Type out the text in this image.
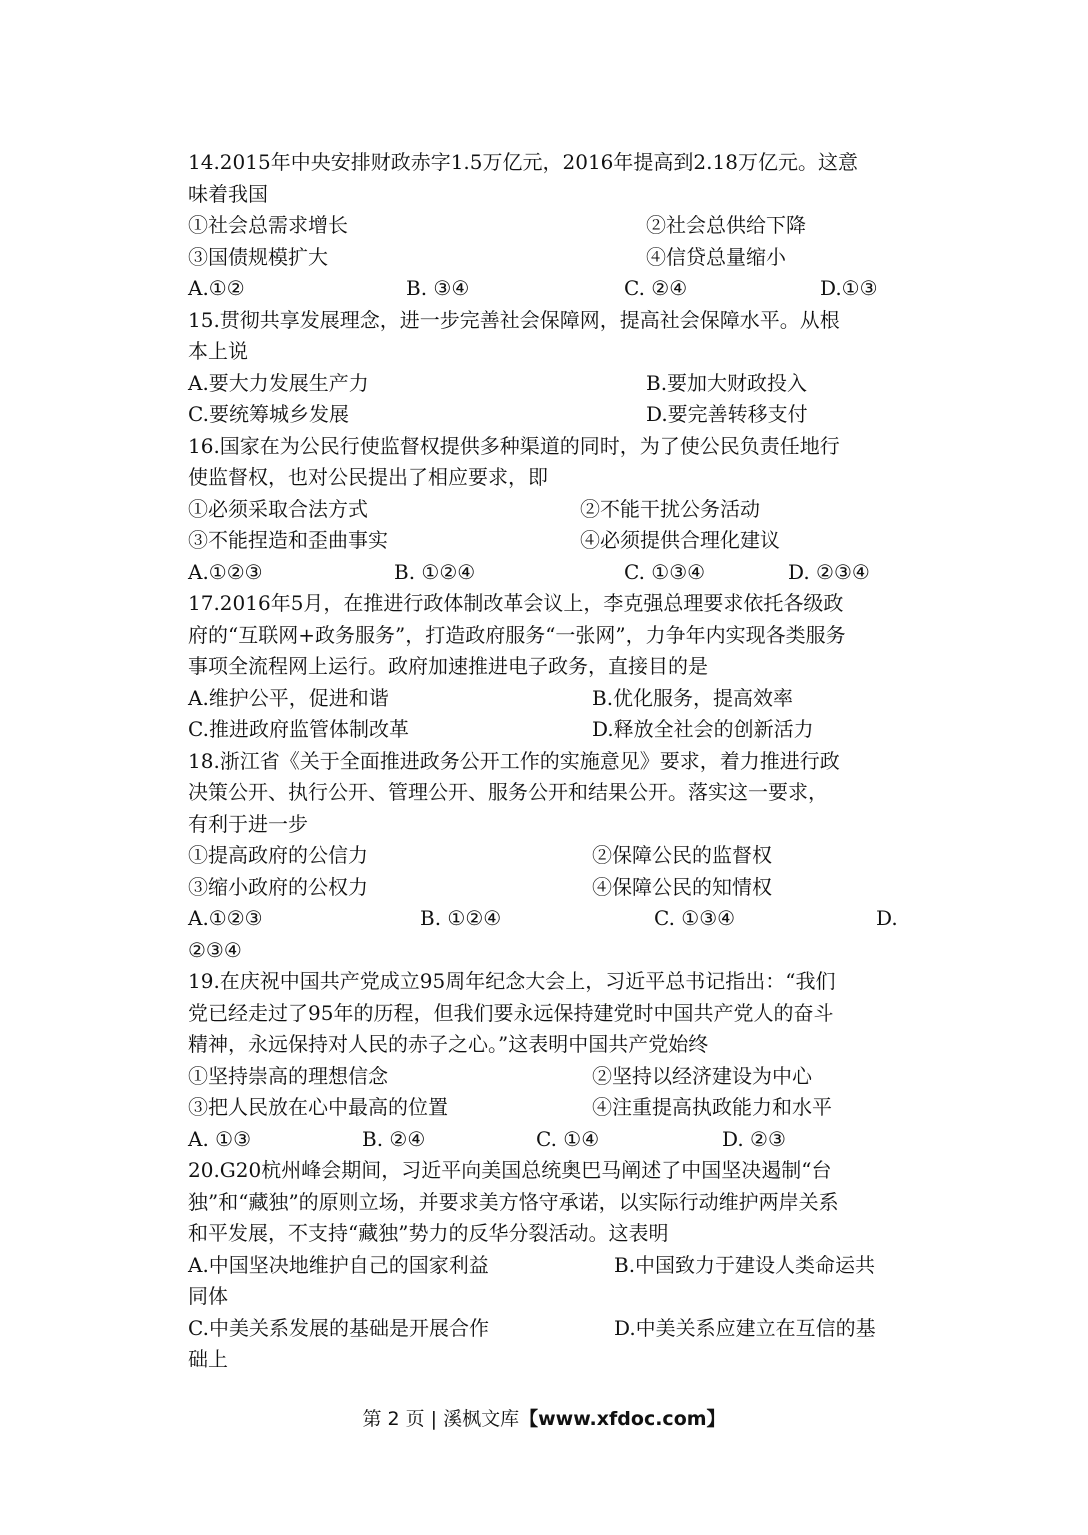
14.2015年中央安排财政赤字1.5万亿元，2016年提高到2.18万亿元。这意
味着我国
①社会总需求增长	②社会总供给下降
③国债规模扩大	④信贷总量缩小
A.①②	B. ③④	C. ②④	D.①③
15.贯彻共享发展理念，进一步完善社会保障网，提高社会保障水平。从根
本上说
A.要大力发展生产力	B.要加大财政投入
C.要统筹城乡发展	D.要完善转移支付
16.国家在为公民行使监督权提供多种渠道的同时，为了使公民负责任地行
使监督权，也对公民提出了相应要求，即
①必须采取合法方式	②不能干扰公务活动
③不能捏造和歪曲事实	④必须提供合理化建议
A.①②③	B. ①②④	C. ①③④	D. ②③④
17.2016年5月，在推进行政体制改革会议上，李克强总理要求依托各级政
府的“互联网+政务服务”，打造政府服务“一张网”，力争年内实现各类服务
事项全流程网上运行。政府加速推进电子政务，直接目的是
A.维护公平，促进和谐	B.优化服务，提高效率
C.推进政府监管体制改革	D.释放全社会的创新活力
18.浙江省《关于全面推进政务公开工作的实施意见》要求，着力推进行政
决策公开、执行公开、管理公开、服务公开和结果公开。落实这一要求，
有利于进一步
①提高政府的公信力	②保障公民的监督权
③缩小政府的公权力	④保障公民的知情权
A.①②③	B. ①②④	C. ①③④	D.
②③④
19.在庆祝中国共产党成立95周年纪念大会上，习近平总书记指出：“我们
党已经走过了95年的历程，但我们要永远保持建党时中国共产党人的奋斗
精神，永远保持对人民的赤子之心。”这表明中国共产党始终
①坚持崇高的理想信念	②坚持以经济建设为中心
③把人民放在心中最高的位置	④注重提高执政能力和水平
A. ①③	B. ②④	C. ①④	D. ②③
20.G20杭州峰会期间，习近平向美国总统奥巴马阐述了中国坚决遏制“台
独”和“藏独”的原则立场，并要求美方恪守承诺，以实际行动维护两岸关系
和平发展，不支持“藏独”势力的反华分裂活动。这表明
A.中国坚决地维护自己的国家利益	B.中国致力于建设人类命运共
同体
C.中美关系发展的基础是开展合作	D.中美关系应建立在互信的基
础上
第 2 页 | 溪枫文库【www.xfdoc.com】
